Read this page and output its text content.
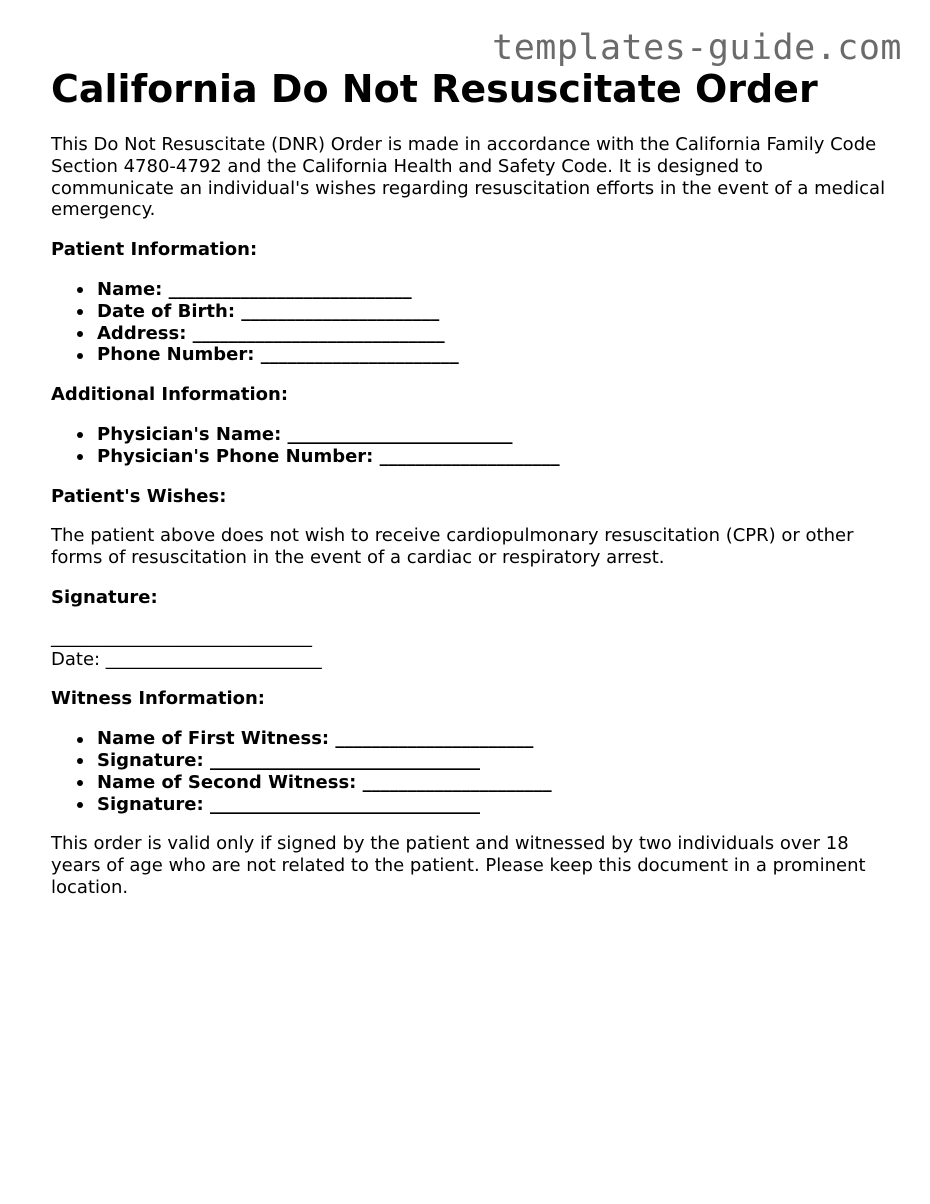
templates-guide.com
California Do Not Resuscitate Order

This Do Not Resuscitate (DNR) Order is made in accordance with the California Family Code Section 4780-4792 and the California Health and Safety Code. It is designed to communicate an individual's wishes regarding resuscitation efforts in the event of a medical emergency.

Patient Information:

Name: ___________________________
Date of Birth: ______________________
Address: ____________________________
Phone Number: ______________________

Additional Information:

Physician's Name: _________________________
Physician's Phone Number: ____________________

Patient's Wishes:

The patient above does not wish to receive cardiopulmonary resuscitation (CPR) or other forms of resuscitation in the event of a cardiac or respiratory arrest.

Signature:

_____________________________
Date: ________________________

Witness Information:

Name of First Witness: ______________________
Signature: ______________________________
Name of Second Witness: _____________________
Signature: ______________________________

This order is valid only if signed by the patient and witnessed by two individuals over 18 years of age who are not related to the patient. Please keep this document in a prominent location.
